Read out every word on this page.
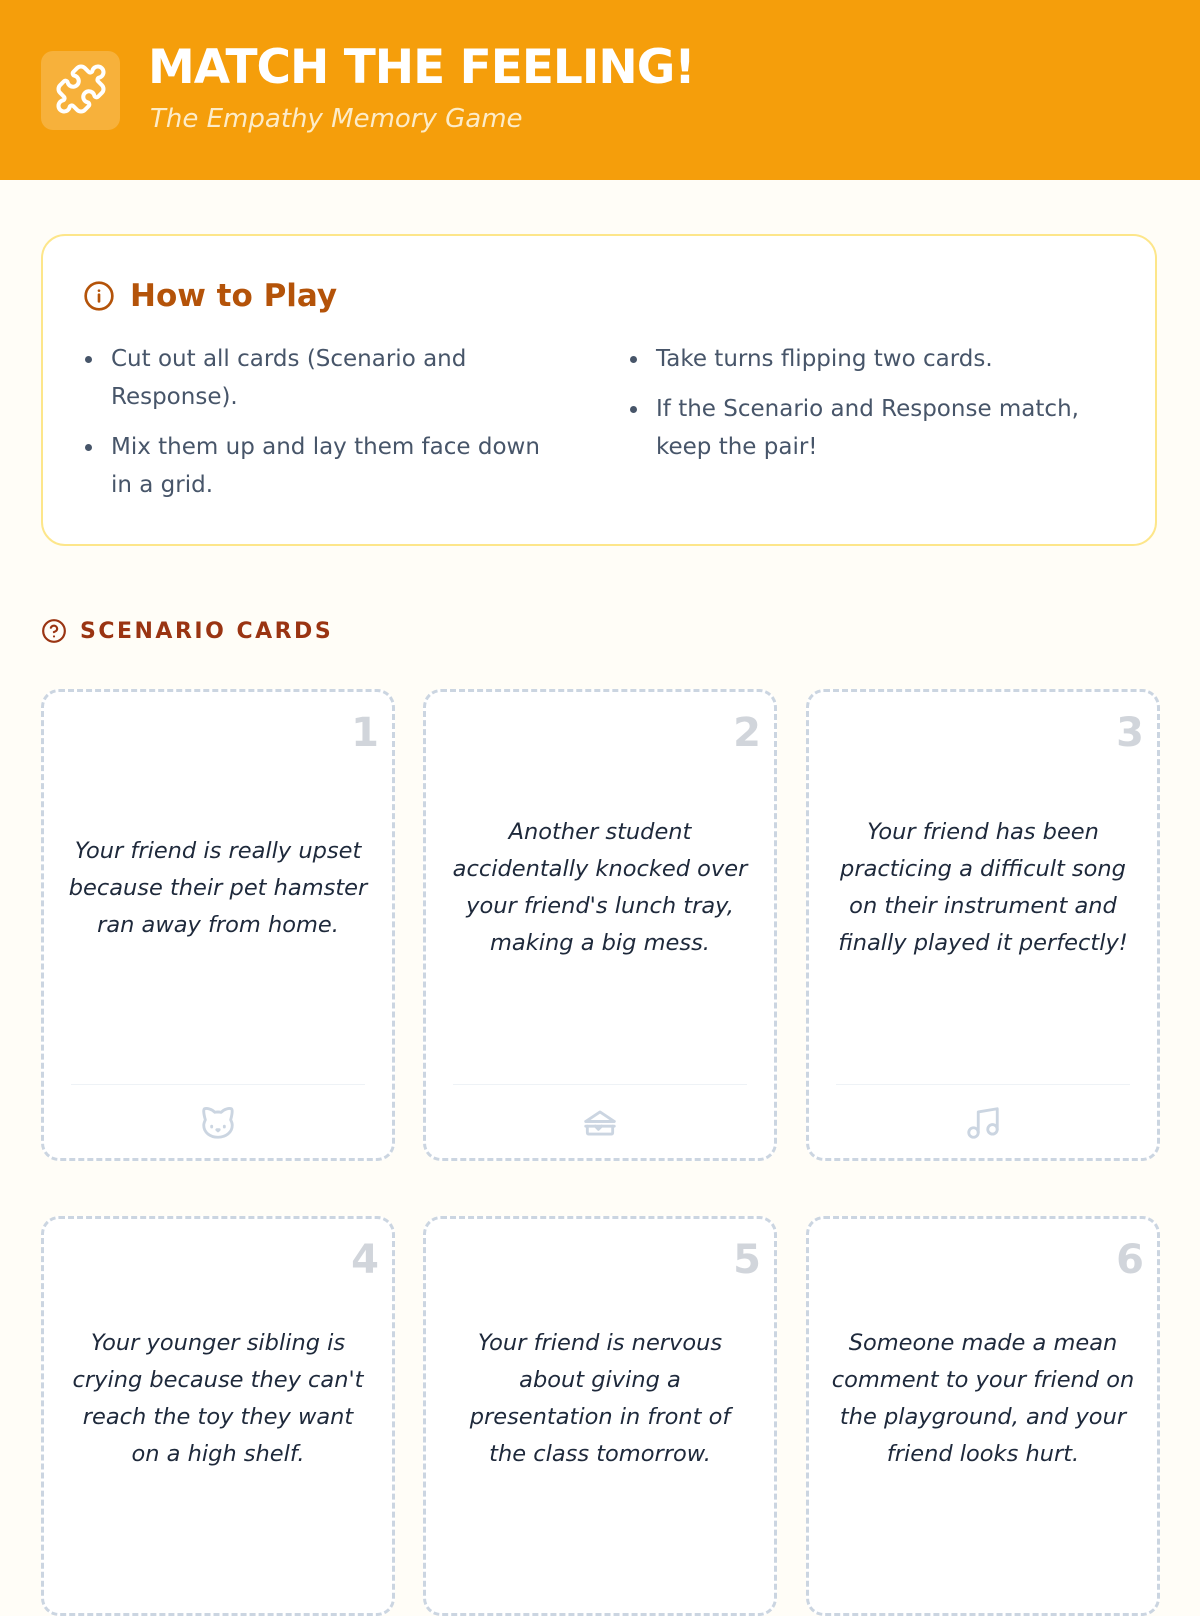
MATCH THE FEELING!
The Empathy Memory Game
How to Play
Cut out all cards (Scenario and Response).
Mix them up and lay them face down in a grid.
Take turns flipping two cards.
If the Scenario and Response match, keep the pair!
SCENARIO CARDS
1
Your friend is really upset because their pet hamster ran away from home.
2
Another student accidentally knocked over your friend's lunch tray, making a big mess.
3
Your friend has been practicing a difficult song on their instrument and finally played it perfectly!
4
Your younger sibling is crying because they can't reach the toy they want on a high shelf.
5
Your friend is nervous about giving a presentation in front of the class tomorrow.
6
Someone made a mean comment to your friend on the playground, and your friend looks hurt.
